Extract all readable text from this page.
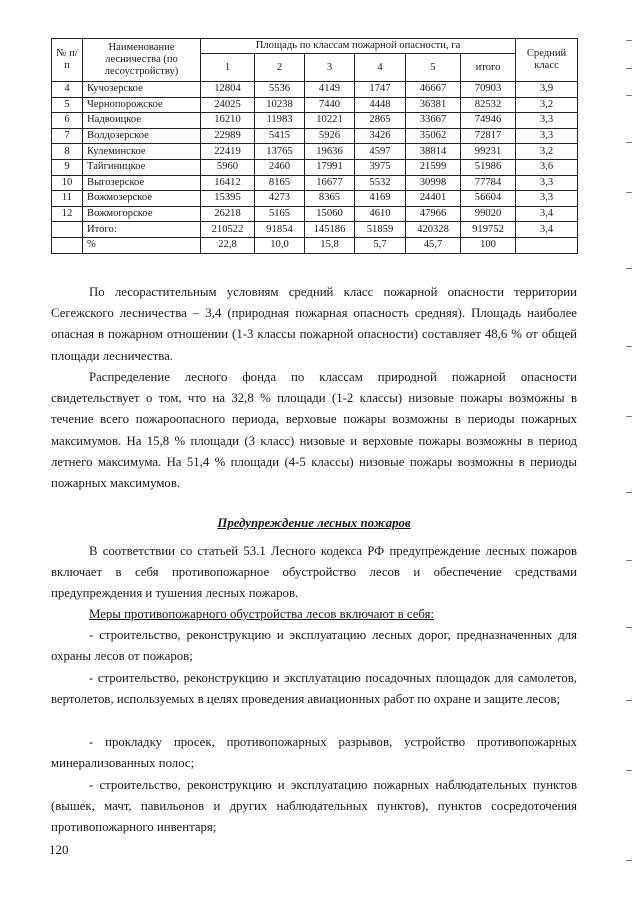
№ п/п	Наименование лесничества (по лесоустройству)	Площадь по классам пожарной опасности, га						Средний класс
		1	2	3	4	5	итого	
4	Кучозерское	12804	5536	4149	1747	46667	70903	3,9
5	Чернопорожское	24025	10238	7440	4448	36381	82532	3,2
6	Надвоицкое	16210	11983	10221	2865	33667	74946	3,3
7	Волдозерское	22989	5415	5926	3426	35062	72817	3,3
8	Кулеминское	22419	13765	19636	4597	38814	99231	3,2
9	Тайгиницкое	5960	2460	17991	3975	21599	51986	3,6
10	Выгозерское	16412	8165	16677	5532	30998	77784	3,3
11	Вожмозерское	15395	4273	8365	4169	24401	56604	3,3
12	Вожмогорское	26218	5165	15060	4610	47966	99020	3,4
	Итого:	210522	91854	145186	51859	420328	919752	3,4
	%	22,8	10,0	15,8	5,7	45,7	100	
По лесорастительным условиям средний класс пожарной опасности территории Сегежского лесничества – 3,4 (природная пожарная опасность средняя). Площадь наиболее опасная в пожарном отношении (1-3 классы пожарной опасности) составляет 48,6 % от общей площади лесничества.
Распределение лесного фонда по классам природной пожарной опасности свидетельствует о том, что на 32,8 % площади (1-2 классы) низовые пожары возможны в течение всего пожароопасного периода, верховые пожары возможны в периоды пожарных максимумов. На 15,8 % площади (3 класс) низовые и верховые пожары возможны в период летнего максимума. На 51,4 % площади (4-5 классы) низовые пожары возможны в периоды пожарных максимумов.
Предупреждение лесных пожаров
В соответствии со статьей 53.1 Лесного кодекса РФ предупреждение лесных пожаров включает в себя противопожарное обустройство лесов и обеспечение средствами предупреждения и тушения лесных пожаров.
Меры противопожарного обустройства лесов включают в себя:
- строительство, реконструкцию и эксплуатацию лесных дорог, предназначенных для охраны лесов от пожаров;
- строительство, реконструкцию и эксплуатацию посадочных площадок для самолетов, вертолетов, используемых в целях проведения авиационных работ по охране и защите лесов;
- прокладку просек, противопожарных разрывов, устройство противопожарных минерализованных полос;
- строительство, реконструкцию и эксплуатацию пожарных наблюдательных пунктов (вышек, мачт, павильонов и других наблюдательных пунктов), пунктов сосредоточения противопожарного инвентаря;
120
